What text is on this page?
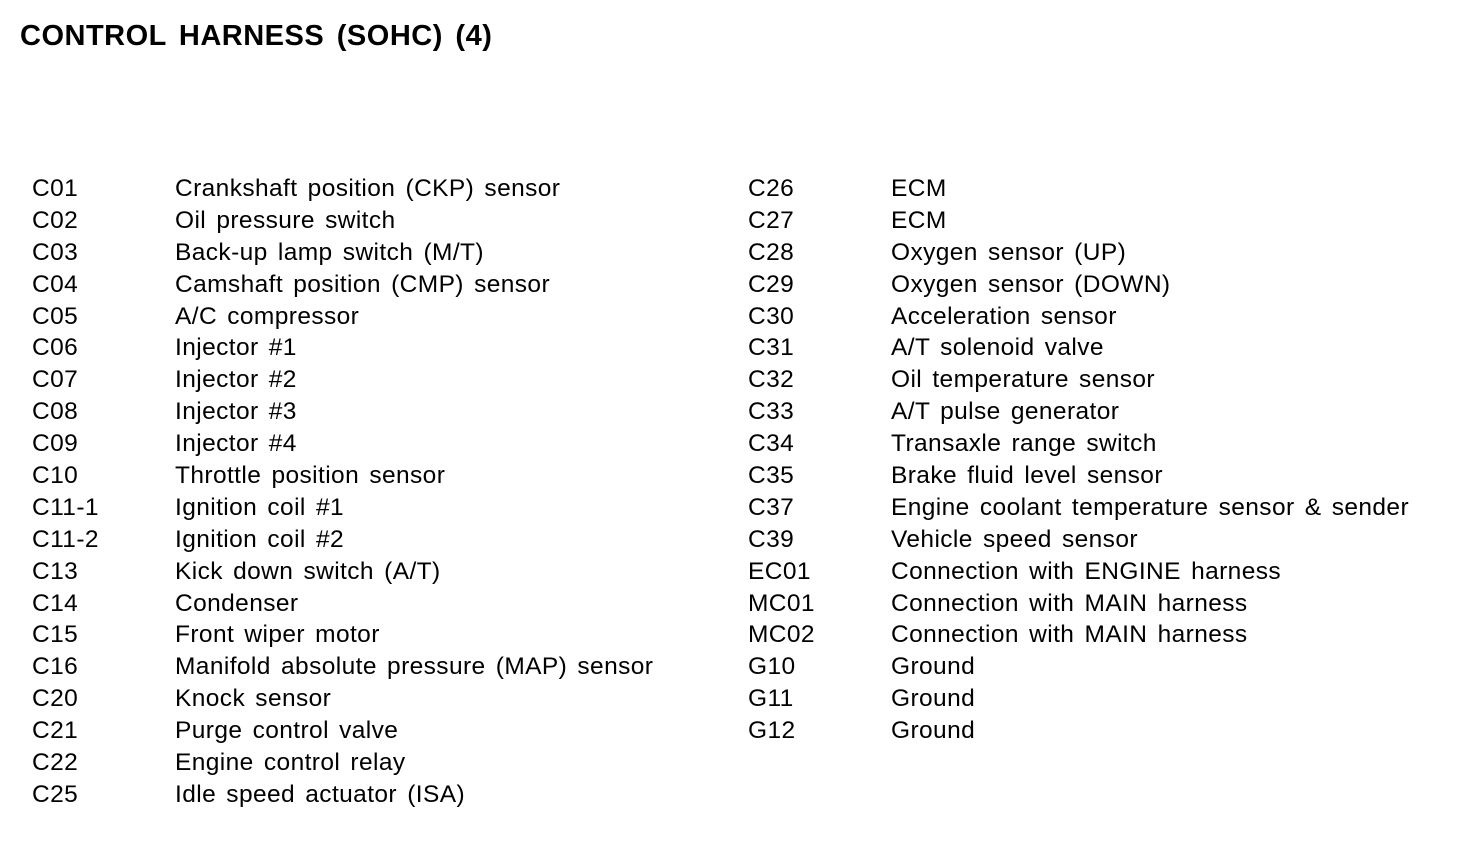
CONTROL HARNESS (SOHC) (4)
C01	Crankshaft position (CKP) sensor
C02	Oil pressure switch
C03	Back-up lamp switch (M/T)
C04	Camshaft position (CMP) sensor
C05	A/C compressor
C06	Injector #1
C07	Injector #2
C08	Injector #3
C09	Injector #4
C10	Throttle position sensor
C11-1	Ignition coil #1
C11-2	Ignition coil #2
C13	Kick down switch (A/T)
C14	Condenser
C15	Front wiper motor
C16	Manifold absolute pressure (MAP) sensor
C20	Knock sensor
C21	Purge control valve
C22	Engine control relay
C25	Idle speed actuator (ISA)
C26	ECM
C27	ECM
C28	Oxygen sensor (UP)
C29	Oxygen sensor (DOWN)
C30	Acceleration sensor
C31	A/T solenoid valve
C32	Oil temperature sensor
C33	A/T pulse generator
C34	Transaxle range switch
C35	Brake fluid level sensor
C37	Engine coolant temperature sensor & sender
C39	Vehicle speed sensor
EC01	Connection with ENGINE harness
MC01	Connection with MAIN harness
MC02	Connection with MAIN harness
G10	Ground
G11	Ground
G12	Ground
